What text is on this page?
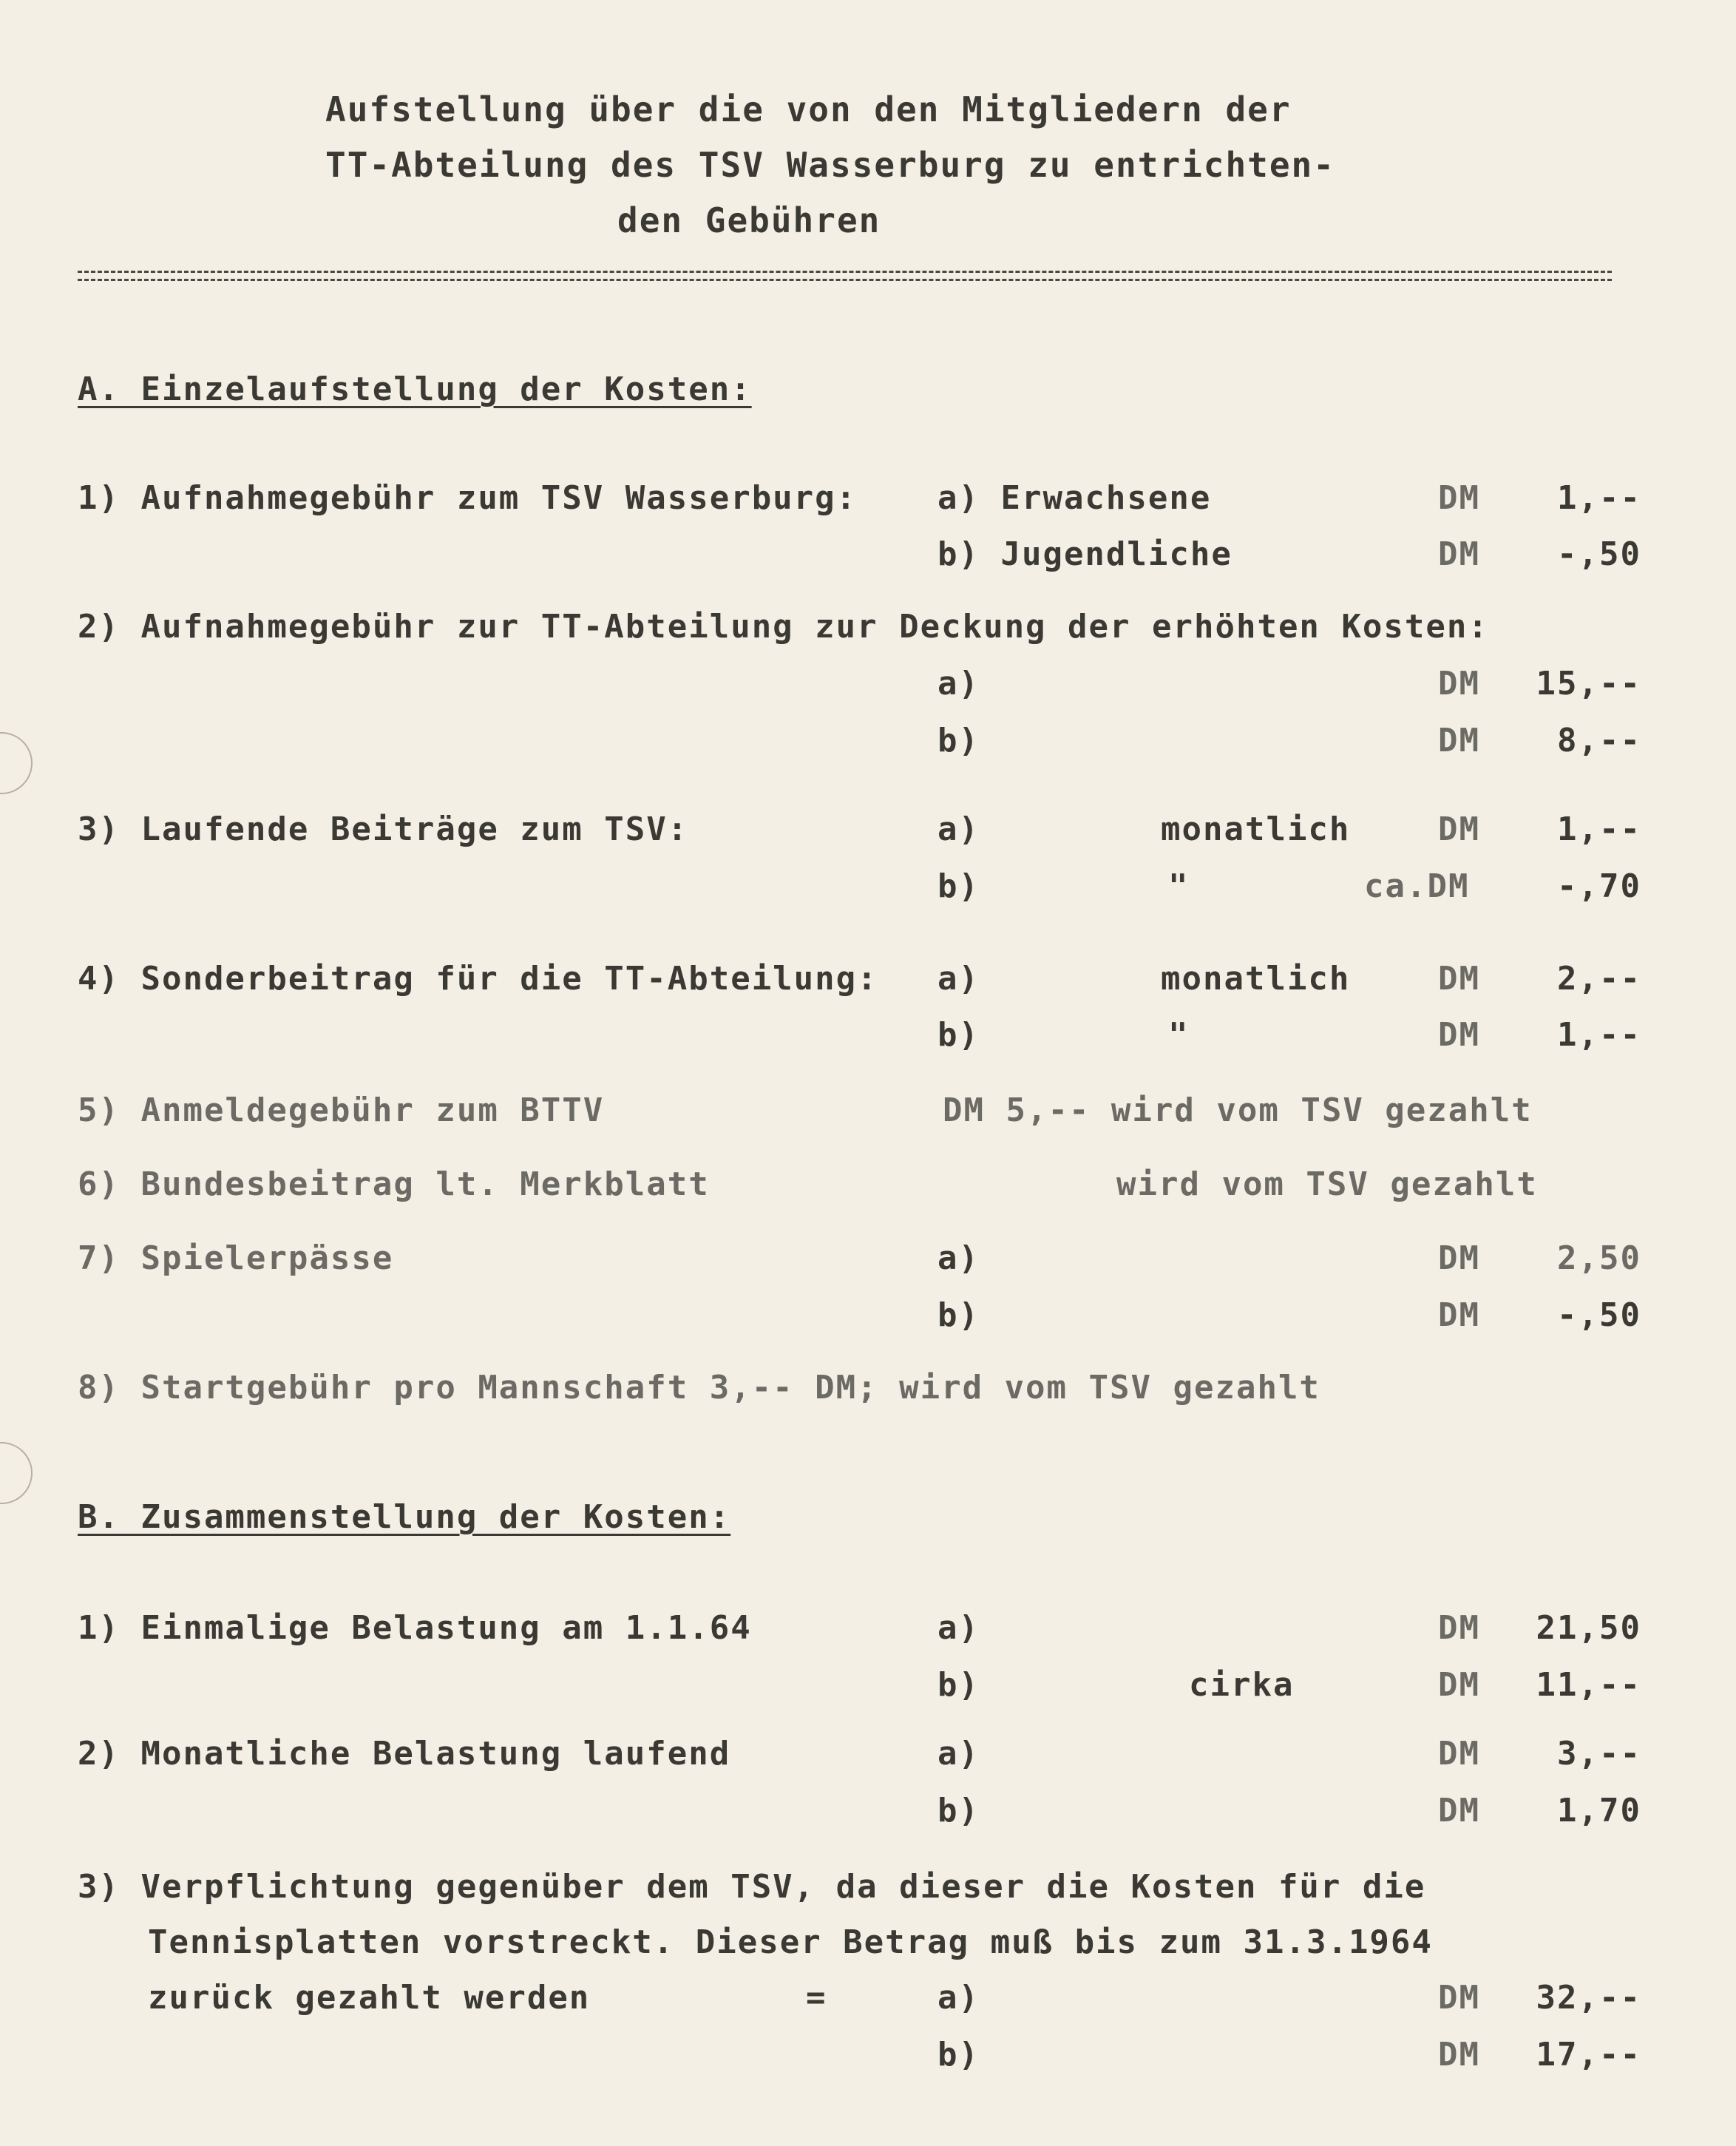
Aufstellung über die von den Mitgliedern der
TT-Abteilung des TSV Wasserburg zu entrichten-
den Gebühren
A. Einzelaufstellung der Kosten:
1) Aufnahmegebühr zum TSV Wasserburg: a) Erwachsene	DM	1,--
b) Jugendliche	DM	-,50
2) Aufnahmegebühr zur TT-Abteilung zur Deckung der erhöhten Kosten:
a)	DM	15,--
b)	DM	8,--
3) Laufende Beiträge zum TSV:	a)	monatlich	DM	1,--
b)	"	ca.DM	-,70
4) Sonderbeitrag für die TT-Abteilung: a)	monatlich	DM	2,--
b)	"	DM	1,--
5) Anmeldegebühr zum BTTV	DM 5,-- wird vom TSV gezahlt
6) Bundesbeitrag lt. Merkblatt	wird vom TSV gezahlt
7) Spielerpässe	a)	DM	2,50
b)	DM	-,50
8) Startgebühr pro Mannschaft 3,-- DM; wird vom TSV gezahlt
B. Zusammenstellung der Kosten:
1) Einmalige Belastung am 1.1.64	a)	DM	21,50
b)	cirka	DM	11,--
2) Monatliche Belastung laufend	a)	DM	3,--
b)	DM	1,70
3) Verpflichtung gegenüber dem TSV, da dieser die Kosten für die
Tennisplatten vorstreckt. Dieser Betrag muß bis zum 31.3.1964
zurück gezahlt werden	=	a)	DM	32,--
b)	DM	17,--
